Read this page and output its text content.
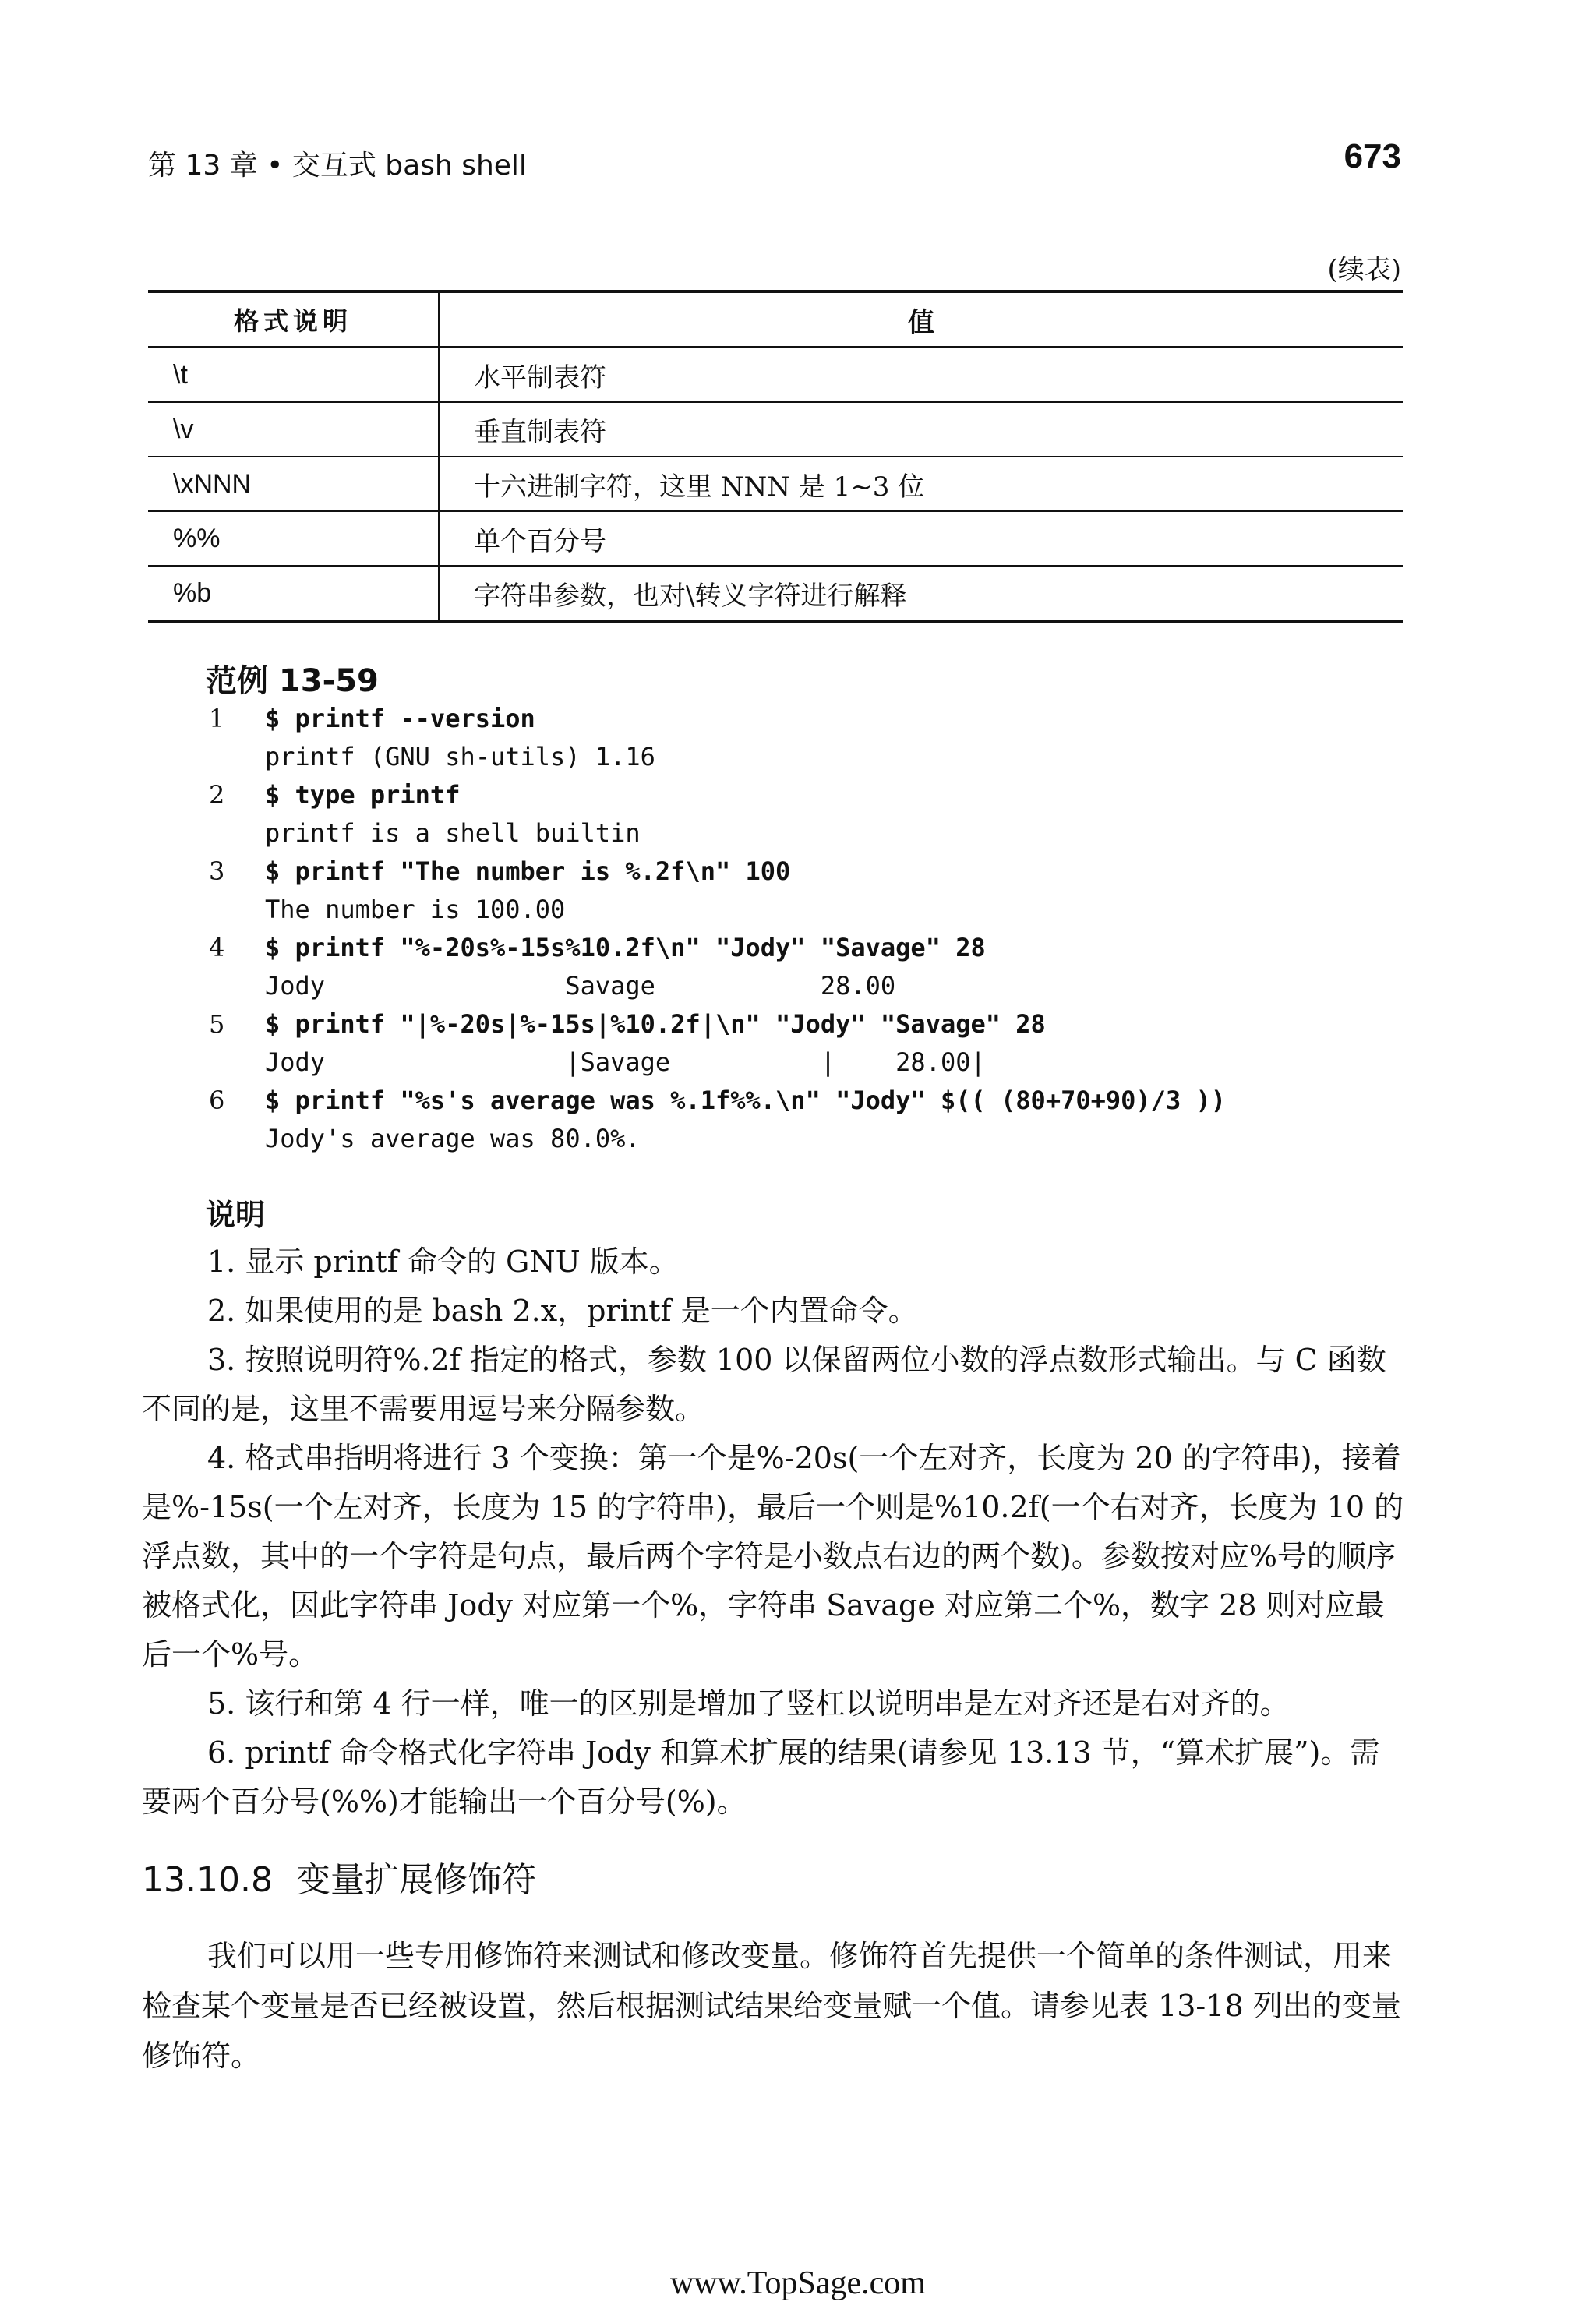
第 13 章 • 交互式 bash shell	673
(续表)
格式说明	值
\t	水平制表符
\v	垂直制表符
\xNNN	十六进制字符，这里 NNN 是 1~3 位
%%	单个百分号
%b	字符串参数，也对\转义字符进行解释
范例 13-59
1	$ printf --version
printf (GNU sh-utils) 1.16
2	$ type printf
printf is a shell builtin
3	$ printf "The number is %.2f\n" 100
The number is 100.00
4	$ printf "%-20s%-15s%10.2f\n" "Jody" "Savage" 28
Jody                Savage           28.00
5	$ printf "|%-20s|%-15s|%10.2f|\n" "Jody" "Savage" 28
Jody                |Savage          |    28.00|
6	$ printf "%s's average was %.1f%%.\n" "Jody" $(( (80+70+90)/3 ))
Jody's average was 80.0%.
说明

1. 显示 printf 命令的 GNU 版本。

2. 如果使用的是 bash 2.x，printf 是一个内置命令。

3. 按照说明符%.2f 指定的格式，参数 100 以保留两位小数的浮点数形式输出。与 C 函数不同的是，这里不需要用逗号来分隔参数。

4. 格式串指明将进行 3 个变换：第一个是%-20s(一个左对齐，长度为 20 的字符串)，接着是%-15s(一个左对齐，长度为 15 的字符串)，最后一个则是%10.2f(一个右对齐，长度为 10 的浮点数，其中的一个字符是句点，最后两个字符是小数点右边的两个数)。参数按对应%号的顺序被格式化，因此字符串 Jody 对应第一个%，字符串 Savage 对应第二个%，数字 28 则对应最后一个%号。

5. 该行和第 4 行一样，唯一的区别是增加了竖杠以说明串是左对齐还是右对齐的。

6. printf 命令格式化字符串 Jody 和算术扩展的结果(请参见 13.13 节，“算术扩展”)。需要两个百分号(%%)才能输出一个百分号(%)。

13.10.8 变量扩展修饰符

我们可以用一些专用修饰符来测试和修改变量。修饰符首先提供一个简单的条件测试，用来检查某个变量是否已经被设置，然后根据测试结果给变量赋一个值。请参见表 13-18 列出的变量修饰符。

www.TopSage.com
